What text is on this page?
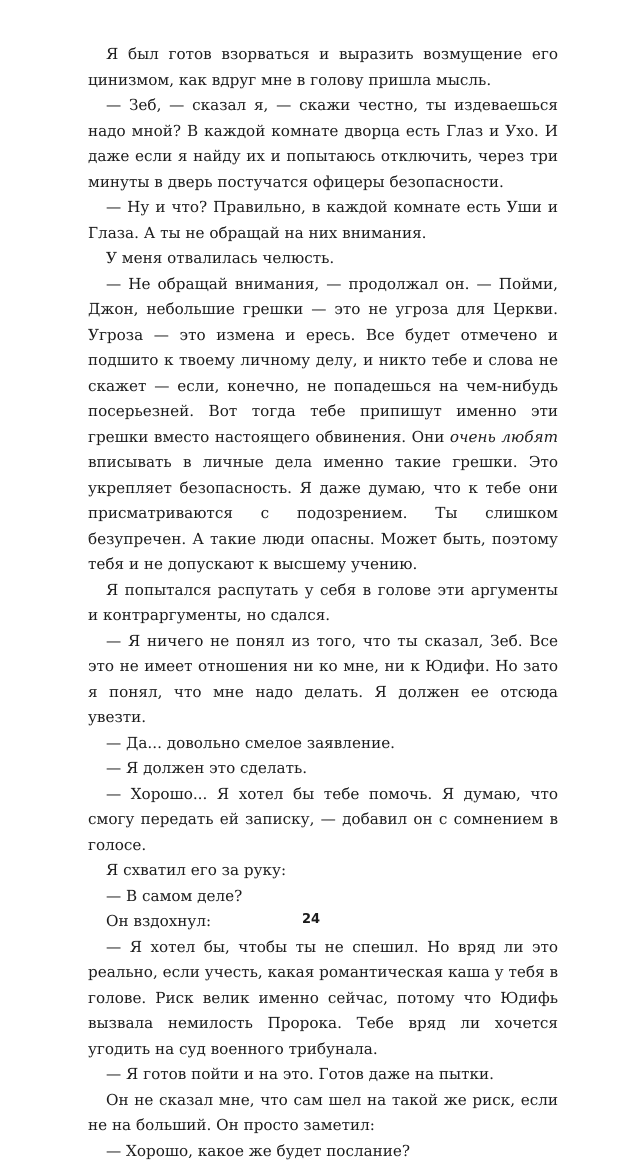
Я был готов взорваться и выразить возмущение его цинизмом, как вдруг мне в голову пришла мысль.

— Зеб, — сказал я, — скажи честно, ты издеваешься надо мной? В каждой комнате дворца есть Глаз и Ухо. И даже если я найду их и попытаюсь отключить, через три минуты в дверь постучатся офицеры безопасности.

— Ну и что? Правильно, в каждой комнате есть Уши и Глаза. А ты не обращай на них внимания.

У меня отвалилась челюсть.

— Не обращай внимания, — продолжал он. — Пойми, Джон, небольшие грешки — это не угроза для Церкви. Угроза — это измена и ересь. Все будет отмечено и подшито к твоему личному делу, и никто тебе и слова не скажет — если, конечно, не попадешься на чем-нибудь посерьезней. Вот тогда тебе припишут именно эти грешки вместо настоящего обвинения. Они очень любят вписывать в личные дела именно такие грешки. Это укрепляет безопасность. Я даже думаю, что к тебе они присматриваются с подозрением. Ты слишком безупречен. А такие люди опасны. Может быть, поэтому тебя и не допускают к высшему учению.

Я попытался распутать у себя в голове эти аргументы и контраргументы, но сдался.

— Я ничего не понял из того, что ты сказал, Зеб. Все это не имеет отношения ни ко мне, ни к Юдифи. Но зато я понял, что мне надо делать. Я должен ее отсюда увезти.

— Да... довольно смелое заявление.

— Я должен это сделать.

— Хорошо... Я хотел бы тебе помочь. Я думаю, что смогу передать ей записку, — добавил он с сомнением в голосе.

Я схватил его за руку:

— В самом деле?

Он вздохнул:

— Я хотел бы, чтобы ты не спешил. Но вряд ли это реально, если учесть, какая романтическая каша у тебя в голове. Риск велик именно сейчас, потому что Юдифь вызвала немилость Пророка. Тебе вряд ли хочется угодить на суд военного трибунала.

— Я готов пойти и на это. Готов даже на пытки.

Он не сказал мне, что сам шел на такой же риск, если не на больший. Он просто заметил:

— Хорошо, какое же будет послание?

24
